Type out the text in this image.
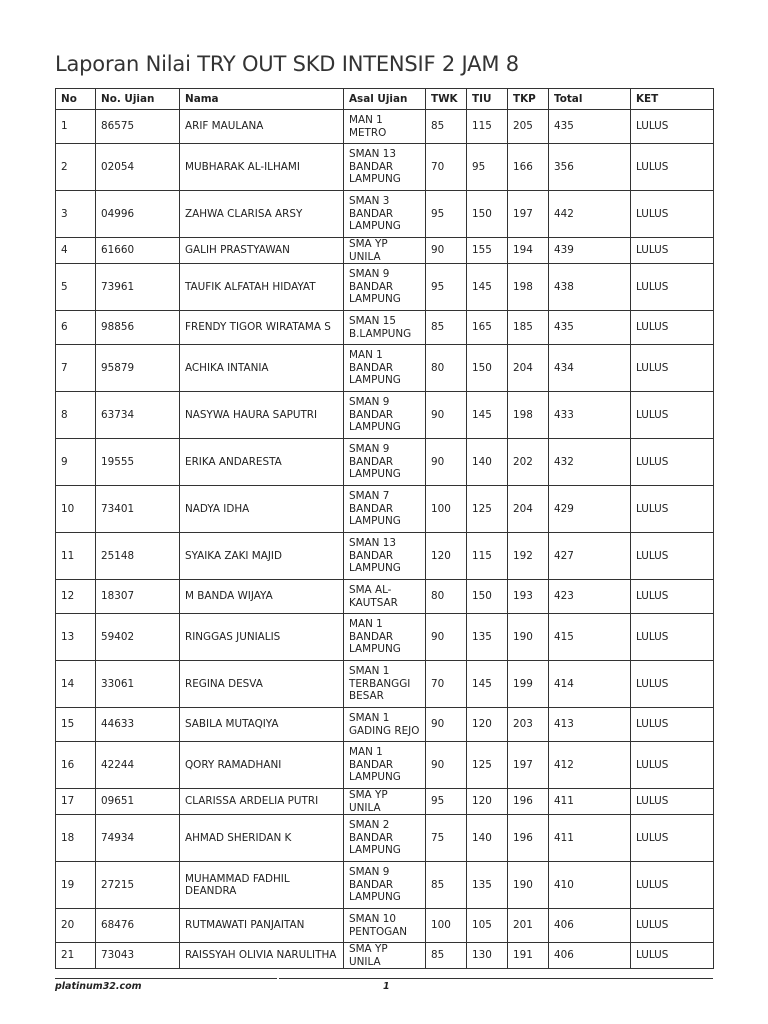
Laporan Nilai TRY OUT SKD INTENSIF 2 JAM 8
No	No. Ujian	Nama	Asal Ujian	TWK	TIU	TKP	Total	KET
1	86575	ARIF MAULANA	MAN 1 METRO	85	115	205	435	LULUS
2	02054	MUBHARAK AL-ILHAMI	SMAN 13 BANDAR LAMPUNG	70	95	166	356	LULUS
3	04996	ZAHWA CLARISA ARSY	SMAN 3 BANDAR LAMPUNG	95	150	197	442	LULUS
4	61660	GALIH PRASTYAWAN	SMA YP UNILA	90	155	194	439	LULUS
5	73961	TAUFIK ALFATAH HIDAYAT	SMAN 9 BANDAR LAMPUNG	95	145	198	438	LULUS
6	98856	FRENDY TIGOR WIRATAMA S	SMAN 15 B.LAMPUNG	85	165	185	435	LULUS
7	95879	ACHIKA INTANIA	MAN 1 BANDAR LAMPUNG	80	150	204	434	LULUS
8	63734	NASYWA HAURA SAPUTRI	SMAN 9 BANDAR LAMPUNG	90	145	198	433	LULUS
9	19555	ERIKA ANDARESTA	SMAN 9 BANDAR LAMPUNG	90	140	202	432	LULUS
10	73401	NADYA IDHA	SMAN 7 BANDAR LAMPUNG	100	125	204	429	LULUS
11	25148	SYAIKA ZAKI MAJID	SMAN 13 BANDAR LAMPUNG	120	115	192	427	LULUS
12	18307	M BANDA WIJAYA	SMA AL-KAUTSAR	80	150	193	423	LULUS
13	59402	RINGGAS JUNIALIS	MAN 1 BANDAR LAMPUNG	90	135	190	415	LULUS
14	33061	REGINA DESVA	SMAN 1 TERBANGGI BESAR	70	145	199	414	LULUS
15	44633	SABILA MUTAQIYA	SMAN 1 GADING REJO	90	120	203	413	LULUS
16	42244	QORY RAMADHANI	MAN 1 BANDAR LAMPUNG	90	125	197	412	LULUS
17	09651	CLARISSA ARDELIA PUTRI	SMA YP UNILA	95	120	196	411	LULUS
18	74934	AHMAD SHERIDAN K	SMAN 2 BANDAR LAMPUNG	75	140	196	411	LULUS
19	27215	MUHAMMAD FADHIL DEANDRA	SMAN 9 BANDAR LAMPUNG	85	135	190	410	LULUS
20	68476	RUTMAWATI PANJAITAN	SMAN 10 PENTOGAN	100	105	201	406	LULUS
21	73043	RAISSYAH OLIVIA NARULITHA	SMA YP UNILA	85	130	191	406	LULUS
platinum32.com	1
